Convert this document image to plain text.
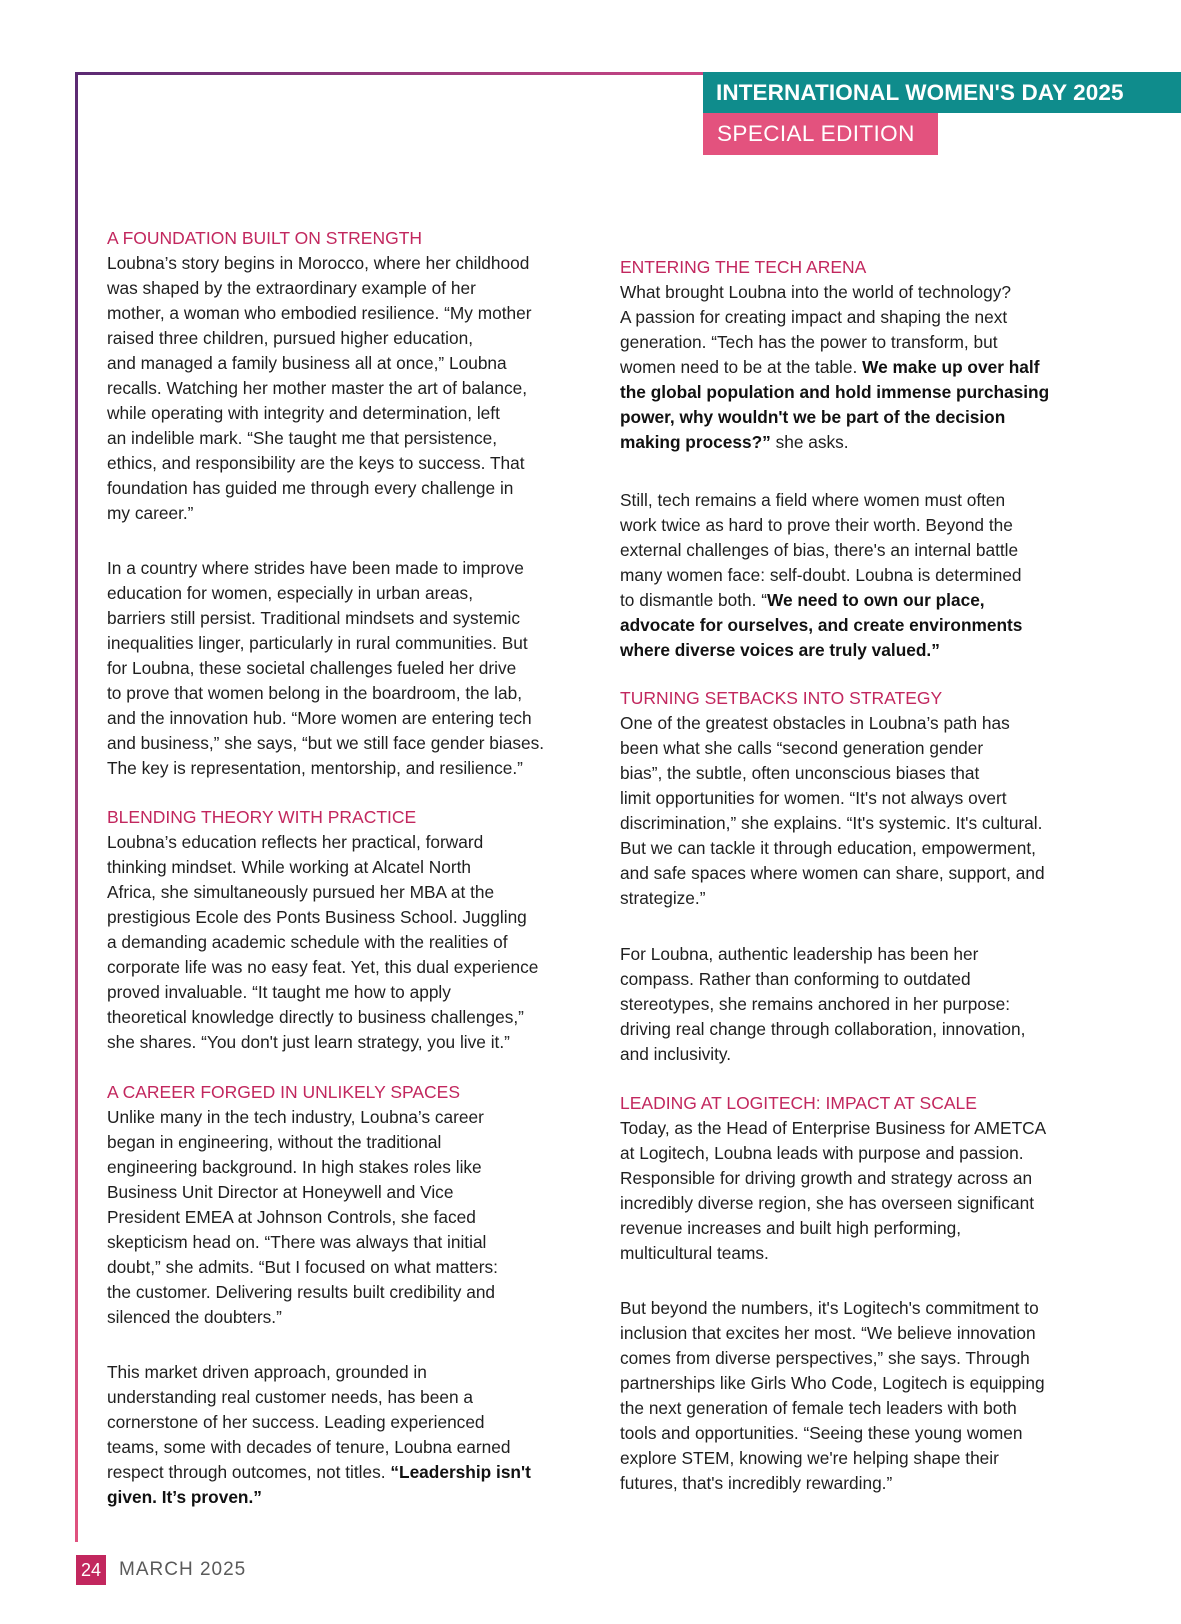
INTERNATIONAL WOMEN'S DAY 2025
SPECIAL EDITION
A FOUNDATION BUILT ON STRENGTH

Loubna’s story begins in Morocco, where her childhood
was shaped by the extraordinary example of her
mother, a woman who embodied resilience. “My mother
raised three children, pursued higher education,
and managed a family business all at once,” Loubna
recalls. Watching her mother master the art of balance,
while operating with integrity and determination, left
an indelible mark. “She taught me that persistence,
ethics, and responsibility are the keys to success. That
foundation has guided me through every challenge in
my career.”

In a country where strides have been made to improve
education for women, especially in urban areas,
barriers still persist. Traditional mindsets and systemic
inequalities linger, particularly in rural communities. But
for Loubna, these societal challenges fueled her drive
to prove that women belong in the boardroom, the lab,
and the innovation hub. “More women are entering tech
and business,” she says, “but we still face gender biases.
The key is representation, mentorship, and resilience.”

BLENDING THEORY WITH PRACTICE

Loubna’s education reflects her practical, forward
thinking mindset. While working at Alcatel North
Africa, she simultaneously pursued her MBA at the
prestigious Ecole des Ponts Business School. Juggling
a demanding academic schedule with the realities of
corporate life was no easy feat. Yet, this dual experience
proved invaluable. “It taught me how to apply
theoretical knowledge directly to business challenges,”
she shares. “You don't just learn strategy, you live it.”

A CAREER FORGED IN UNLIKELY SPACES

Unlike many in the tech industry, Loubna’s career
began in engineering, without the traditional
engineering background. In high stakes roles like
Business Unit Director at Honeywell and Vice
President EMEA at Johnson Controls, she faced
skepticism head on. “There was always that initial
doubt,” she admits. “But I focused on what matters:
the customer. Delivering results built credibility and
silenced the doubters.”

This market driven approach, grounded in
understanding real customer needs, has been a
cornerstone of her success. Leading experienced
teams, some with decades of tenure, Loubna earned
respect through outcomes, not titles. “Leadership isn't
given. It’s proven.”

ENTERING THE TECH ARENA

What brought Loubna into the world of technology?
A passion for creating impact and shaping the next
generation. “Tech has the power to transform, but
women need to be at the table. We make up over half
the global population and hold immense purchasing
power, why wouldn't we be part of the decision
making process?” she asks.

Still, tech remains a field where women must often
work twice as hard to prove their worth. Beyond the
external challenges of bias, there's an internal battle
many women face: self-doubt. Loubna is determined
to dismantle both. “We need to own our place,
advocate for ourselves, and create environments
where diverse voices are truly valued.”

TURNING SETBACKS INTO STRATEGY

One of the greatest obstacles in Loubna’s path has
been what she calls “second generation gender
bias”, the subtle, often unconscious biases that
limit opportunities for women. “It's not always overt
discrimination,” she explains. “It's systemic. It's cultural.
But we can tackle it through education, empowerment,
and safe spaces where women can share, support, and
strategize.”

For Loubna, authentic leadership has been her
compass. Rather than conforming to outdated
stereotypes, she remains anchored in her purpose:
driving real change through collaboration, innovation,
and inclusivity.

LEADING AT LOGITECH: IMPACT AT SCALE

Today, as the Head of Enterprise Business for AMETCA
at Logitech, Loubna leads with purpose and passion.
Responsible for driving growth and strategy across an
incredibly diverse region, she has overseen significant
revenue increases and built high performing,
multicultural teams.

But beyond the numbers, it's Logitech's commitment to
inclusion that excites her most. “We believe innovation
comes from diverse perspectives,” she says. Through
partnerships like Girls Who Code, Logitech is equipping
the next generation of female tech leaders with both
tools and opportunities. “Seeing these young women
explore STEM, knowing we're helping shape their
futures, that's incredibly rewarding.”

24 MARCH 2025
